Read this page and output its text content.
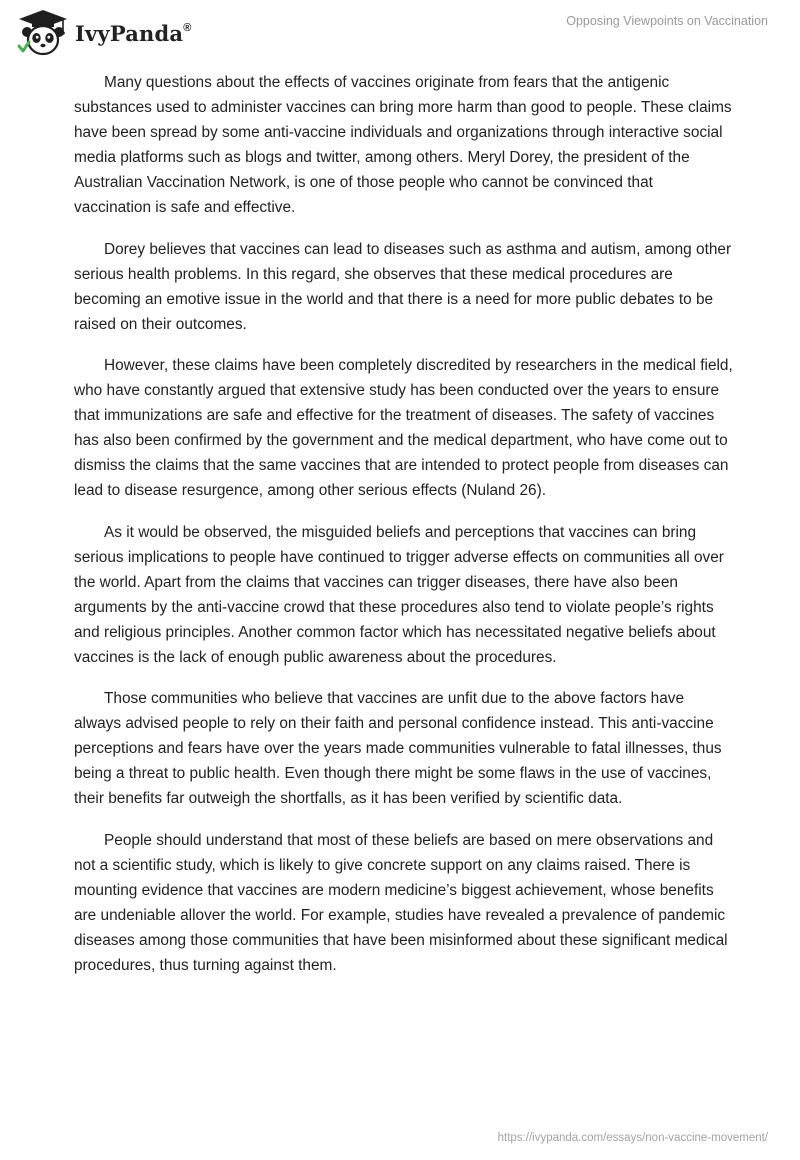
IvyPanda®	Opposing Viewpoints on Vaccination

Many questions about the effects of vaccines originate from fears that the antigenic substances used to administer vaccines can bring more harm than good to people. These claims have been spread by some anti-vaccine individuals and organizations through interactive social media platforms such as blogs and twitter, among others. Meryl Dorey, the president of the Australian Vaccination Network, is one of those people who cannot be convinced that vaccination is safe and effective.

Dorey believes that vaccines can lead to diseases such as asthma and autism, among other serious health problems. In this regard, she observes that these medical procedures are becoming an emotive issue in the world and that there is a need for more public debates to be raised on their outcomes.

However, these claims have been completely discredited by researchers in the medical field, who have constantly argued that extensive study has been conducted over the years to ensure that immunizations are safe and effective for the treatment of diseases. The safety of vaccines has also been confirmed by the government and the medical department, who have come out to dismiss the claims that the same vaccines that are intended to protect people from diseases can lead to disease resurgence, among other serious effects (Nuland 26).

As it would be observed, the misguided beliefs and perceptions that vaccines can bring serious implications to people have continued to trigger adverse effects on communities all over the world. Apart from the claims that vaccines can trigger diseases, there have also been arguments by the anti-vaccine crowd that these procedures also tend to violate people’s rights and religious principles. Another common factor which has necessitated negative beliefs about vaccines is the lack of enough public awareness about the procedures.

Those communities who believe that vaccines are unfit due to the above factors have always advised people to rely on their faith and personal confidence instead. This anti-vaccine perceptions and fears have over the years made communities vulnerable to fatal illnesses, thus being a threat to public health. Even though there might be some flaws in the use of vaccines, their benefits far outweigh the shortfalls, as it has been verified by scientific data.

People should understand that most of these beliefs are based on mere observations and not a scientific study, which is likely to give concrete support on any claims raised. There is mounting evidence that vaccines are modern medicine’s biggest achievement, whose benefits are undeniable allover the world. For example, studies have revealed a prevalence of pandemic diseases among those communities that have been misinformed about these significant medical procedures, thus turning against them.

https://ivypanda.com/essays/non-vaccine-movement/
